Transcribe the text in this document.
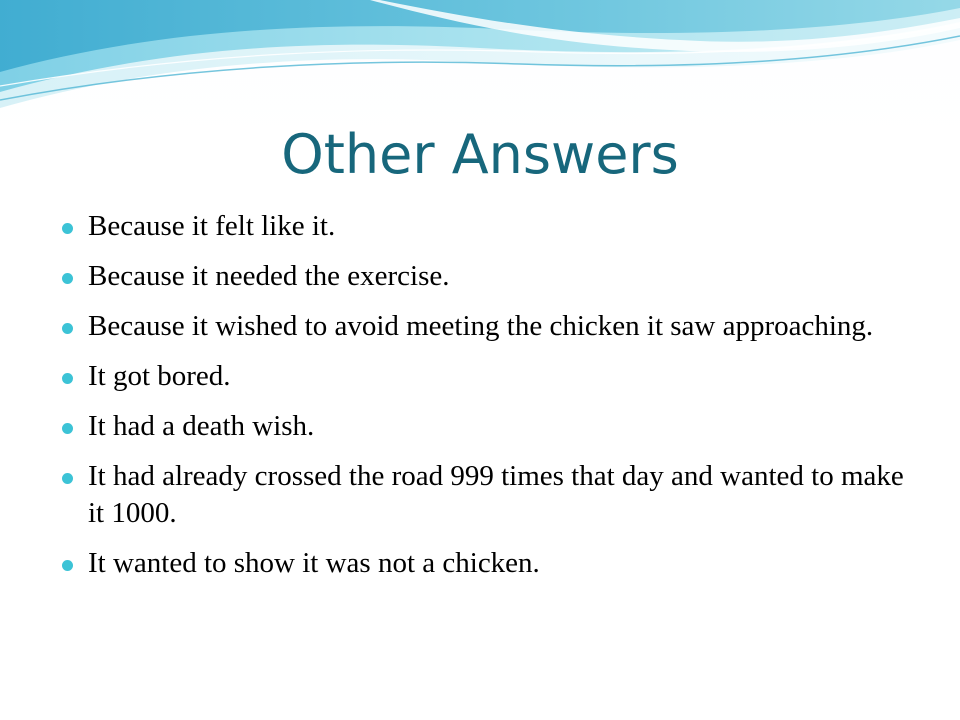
Other Answers
Because it felt like it.
Because it needed the exercise.
Because it wished to avoid meeting the chicken it saw approaching.
It got bored.
It had a death wish.
It had already crossed the road 999 times that day and wanted to make it 1000.
It wanted to show it was not a chicken.
